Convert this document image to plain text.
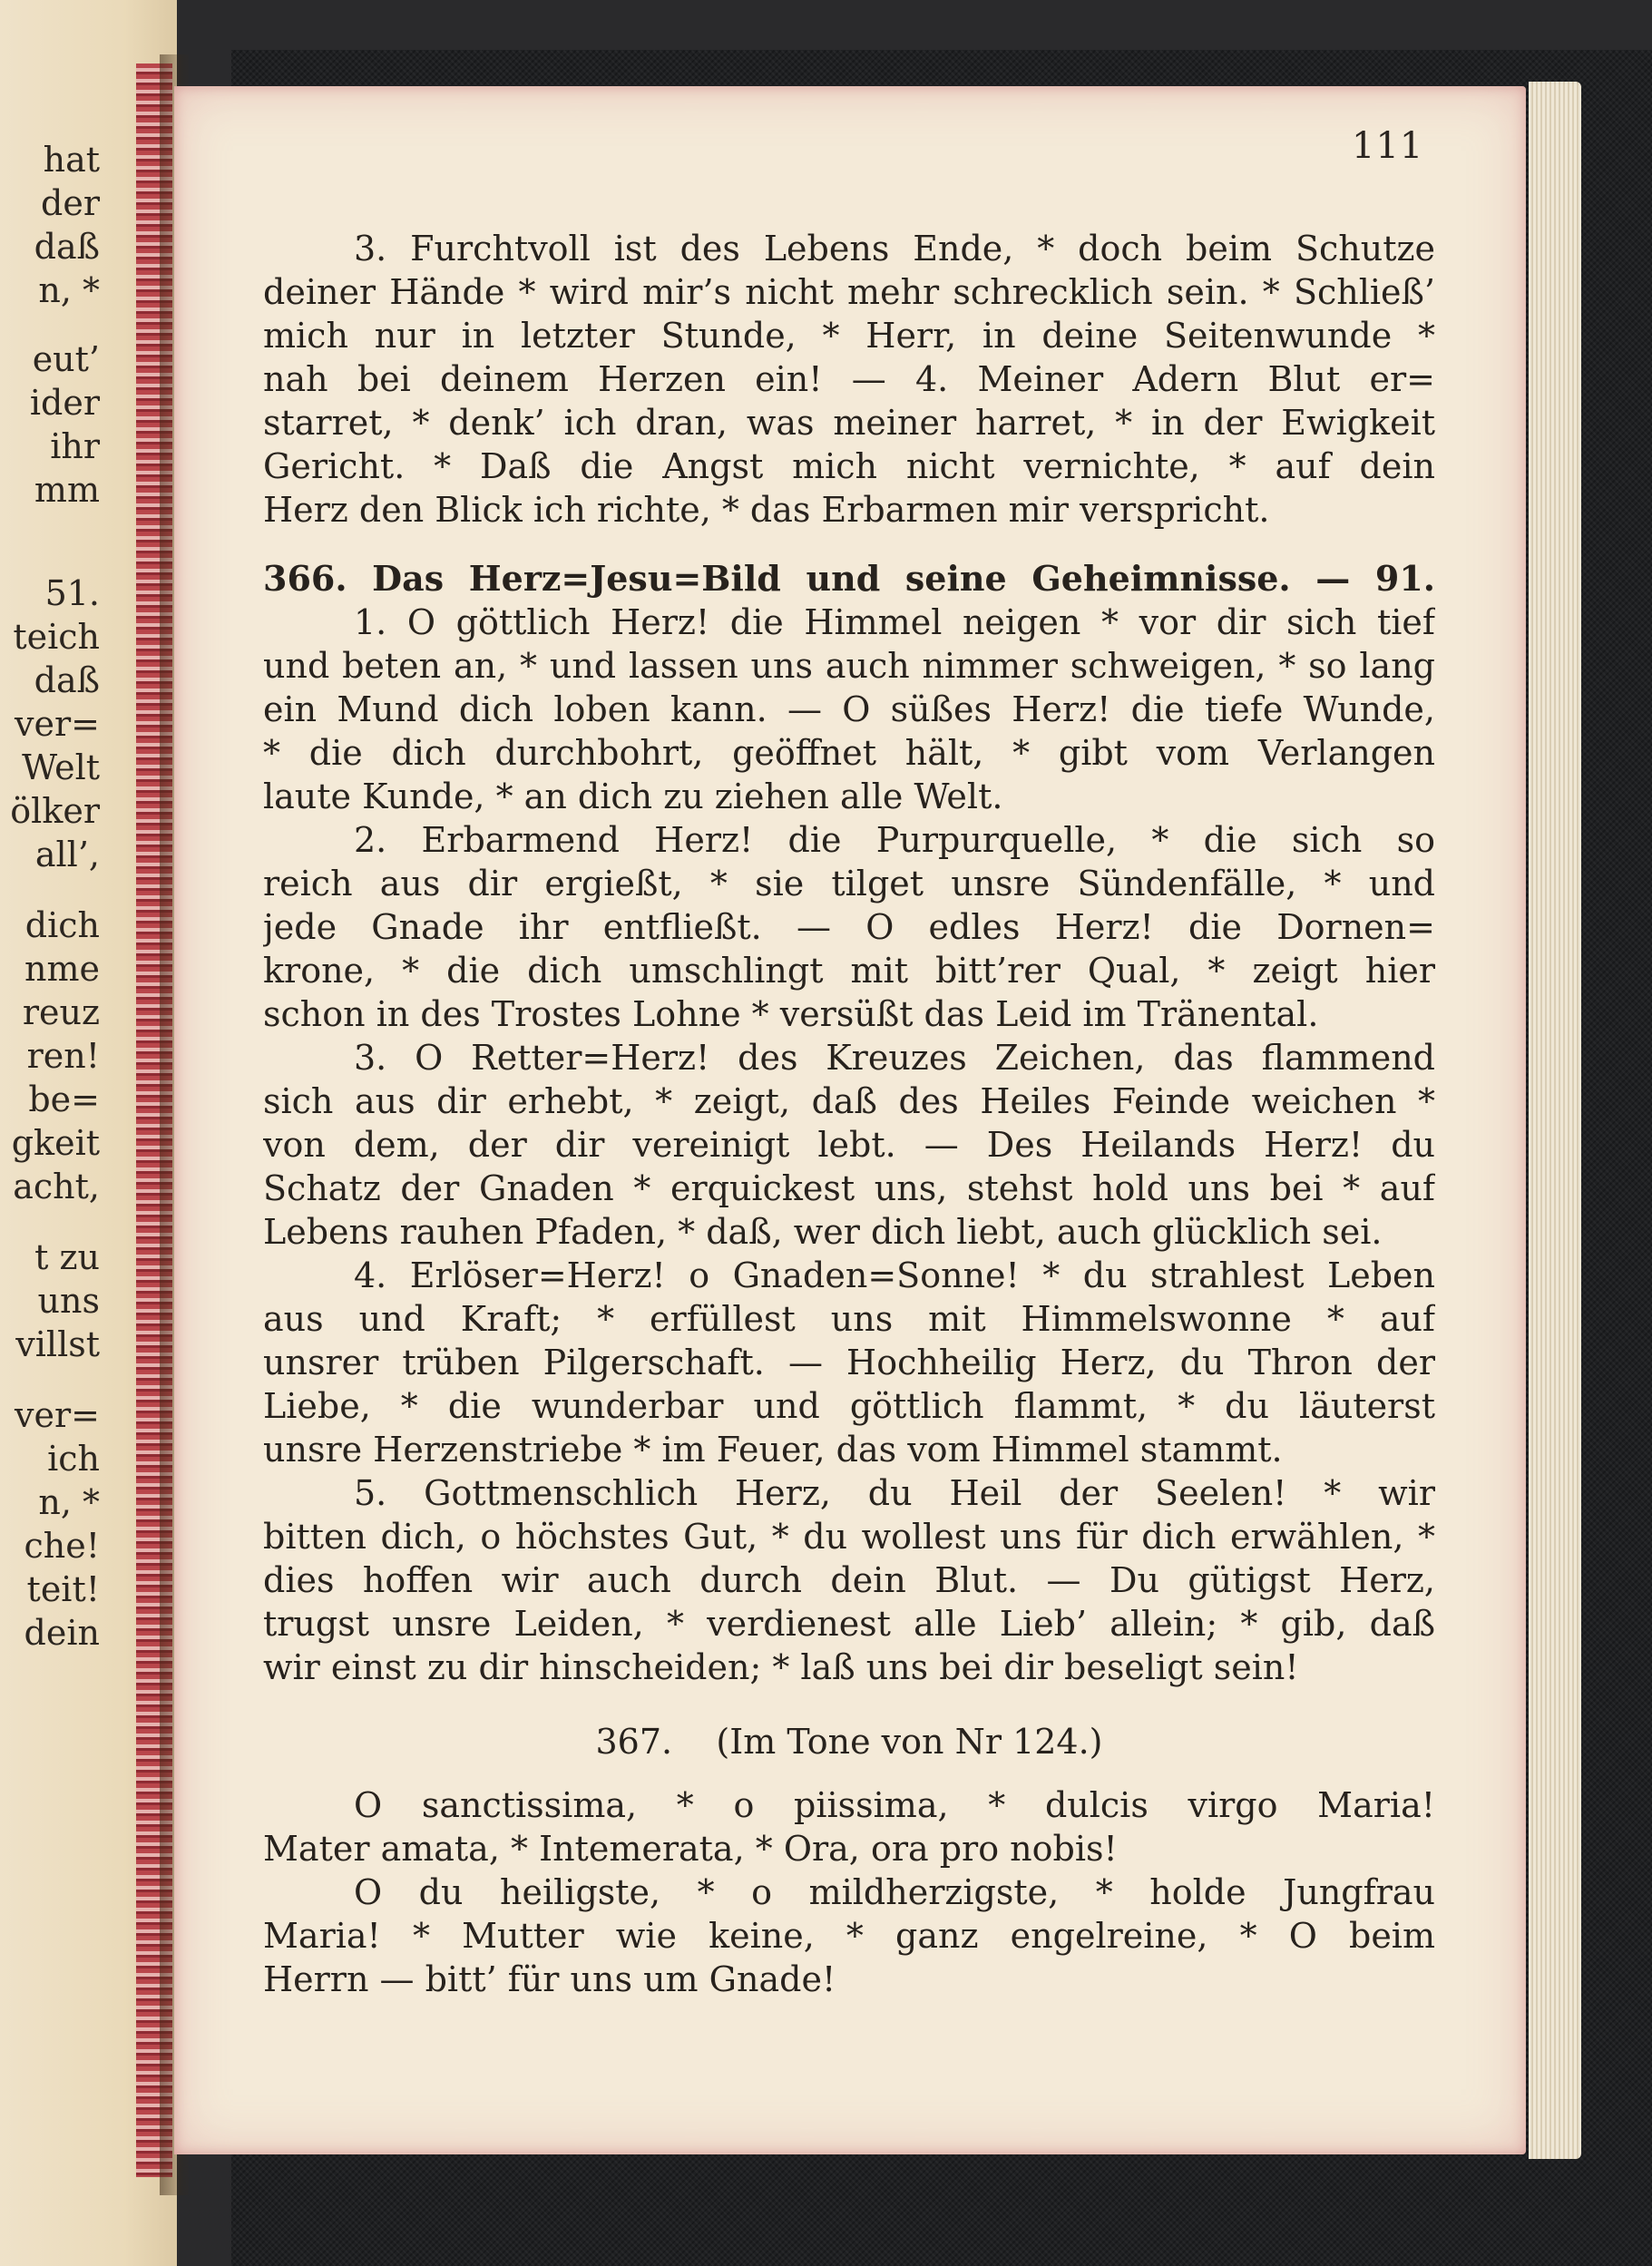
hat
der
daß
n, *
eut’
ider
ihr
mm
51.
teich
daß
ver=
Welt
ölker
all’,
dich
nme
reuz
ren!
be=
gkeit
acht,
t zu
uns
villst
ver=
ich
n, *
che!
teit!
dein
111
3. Furchtvoll ist des Lebens Ende, * doch beim Schutze
deiner Hände * wird mir’s nicht mehr schrecklich sein. * Schließ’
mich nur in letzter Stunde, * Herr, in deine Seitenwunde *
nah bei deinem Herzen ein! — 4. Meiner Adern Blut er=
starret, * denk’ ich dran, was meiner harret, * in der Ewigkeit
Gericht. * Daß die Angst mich nicht vernichte, * auf dein
Herz den Blick ich richte, * das Erbarmen mir verspricht.
366. Das Herz=Jesu=Bild und seine Geheimnisse. — 91.
1. O göttlich Herz! die Himmel neigen * vor dir sich tief
und beten an, * und lassen uns auch nimmer schweigen, * so lang
ein Mund dich loben kann. — O süßes Herz! die tiefe Wunde,
* die dich durchbohrt, geöffnet hält, * gibt vom Verlangen
laute Kunde, * an dich zu ziehen alle Welt.
2. Erbarmend Herz! die Purpurquelle, * die sich so
reich aus dir ergießt, * sie tilget unsre Sündenfälle, * und
jede Gnade ihr entfließt. — O edles Herz! die Dornen=
krone, * die dich umschlingt mit bitt’rer Qual, * zeigt hier
schon in des Trostes Lohne * versüßt das Leid im Tränental.
3. O Retter=Herz! des Kreuzes Zeichen, das flammend
sich aus dir erhebt, * zeigt, daß des Heiles Feinde weichen *
von dem, der dir vereinigt lebt. — Des Heilands Herz! du
Schatz der Gnaden * erquickest uns, stehst hold uns bei * auf
Lebens rauhen Pfaden, * daß, wer dich liebt, auch glücklich sei.
4. Erlöser=Herz! o Gnaden=Sonne! * du strahlest Leben
aus und Kraft; * erfüllest uns mit Himmelswonne * auf
unsrer trüben Pilgerschaft. — Hochheilig Herz, du Thron der
Liebe, * die wunderbar und göttlich flammt, * du läuterst
unsre Herzenstriebe * im Feuer, das vom Himmel stammt.
5. Gottmenschlich Herz, du Heil der Seelen! * wir
bitten dich, o höchstes Gut, * du wollest uns für dich erwählen, *
dies hoffen wir auch durch dein Blut. — Du gütigst Herz,
trugst unsre Leiden, * verdienest alle Lieb’ allein; * gib, daß
wir einst zu dir hinscheiden; * laß uns bei dir beseligt sein!
367.    (Im Tone von Nr 124.)
O sanctissima, * o piissima, * dulcis virgo Maria!
Mater amata, * Intemerata, * Ora, ora pro nobis!
O du heiligste, * o mildherzigste, * holde Jungfrau
Maria! * Mutter wie keine, * ganz engelreine, * O beim
Herrn — bitt’ für uns um Gnade!
